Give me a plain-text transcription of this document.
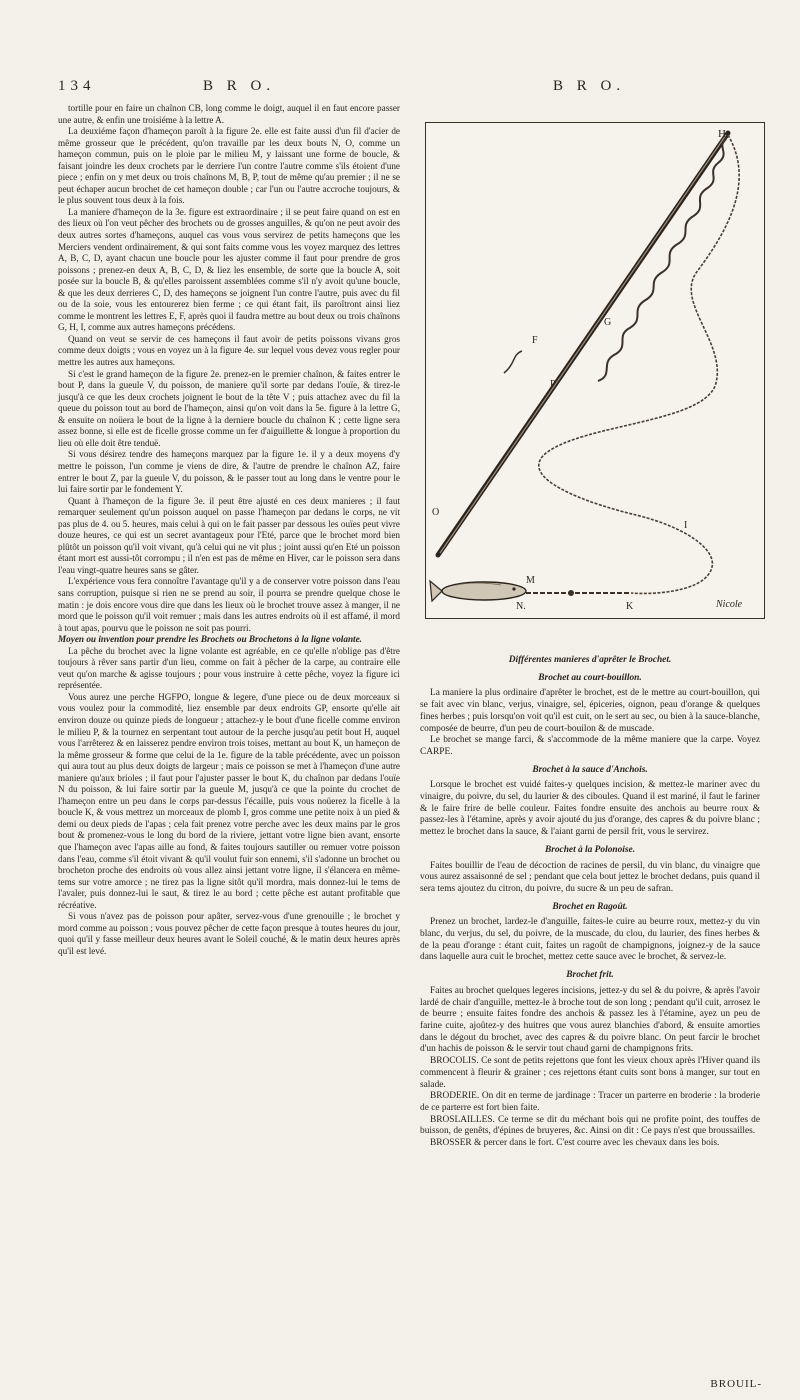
134	B R O.	B R O.

tortille pour en faire un chaînon CB, long comme le doigt, auquel il en faut encore passer une autre, & enfin une troisiéme à la lettre A.

La deuxiéme façon d'hameçon paroît à la figure 2e. elle est faite aussi d'un fil d'acier de même grosseur que le précédent, qu'on travaille par les deux bouts N, O, comme un hameçon commun, puis on le ploie par le milieu M, y laissant une forme de boucle, & faisant joindre les deux crochets par le derriere l'un contre l'autre comme s'ils étoient d'une piece ; enfin on y met deux ou trois chaînons M, B, P, tout de même qu'au premier ; il ne se peut échaper aucun brochet de cet hameçon double ; car l'un ou l'autre accroche toujours, & le plus souvent tous deux à la fois.

La maniere d'hameçon de la 3e. figure est extraordinaire ; il se peut faire quand on est en des lieux où l'on veut pêcher des brochets ou de grosses anguilles, & qu'on ne peut avoir des deux autres sortes d'hameçons, auquel cas vous vous servirez de petits hameçons que les Merciers vendent ordinairement, & qui sont faits comme vous les voyez marquez des lettres A, B, C, D, ayant chacun une boucle pour les ajuster comme il faut pour prendre de gros poissons ; prenez-en deux A, B, C, D, & liez les ensemble, de sorte que la boucle A, soit posée sur la boucle B, & qu'elles paroissent assemblées comme s'il n'y avoit qu'une boucle, & que les deux derrieres C, D, des hameçons se joignent l'un contre l'autre, puis avec du fil ou de la soie, vous les entourerez bien ferme ; ce qui étant fait, ils paroîtront ainsi liez comme le montrent les lettres E, F, après quoi il faudra mettre au bout deux ou trois chaînons G, H, I, comme aux autres hameçons précédens.

Quand on veut se servir de ces hameçons il faut avoir de petits poissons vivans gros comme deux doigts ; vous en voyez un à la figure 4e. sur lequel vous devez vous regler pour mettre les autres aux hameçons.

Si c'est le grand hameçon de la figure 2e. prenez-en le premier chaînon, & faites entrer le bout P, dans la gueule V, du poisson, de maniere qu'il sorte par dedans l'ouïe, & tirez-le jusqu'à ce que les deux crochets joignent le bout de la tête V ; puis attachez avec du fil la queue du poisson tout au bord de l'hameçon, ainsi qu'on voit dans la 5e. figure à la lettre G, & ensuite on noüera le bout de la ligne à la derniere boucle du chaînon K ; cette ligne sera assez bonne, si elle est de ficelle grosse comme un fer d'aiguillette & longue à proportion du lieu où elle doit être tenduë.

Si vous désirez tendre des hameçons marquez par la figure 1e. il y a deux moyens d'y mettre le poisson, l'un comme je viens de dire, & l'autre de prendre le chaînon AZ, faire entrer le bout Z, par la gueule V, du poisson, & le passer tout au long dans le ventre pour le lui faire sortir par le fondement Y.

Quant à l'hameçon de la figure 3e. il peut être ajusté en ces deux manieres ; il faut remarquer seulement qu'un poisson auquel on passe l'hameçon par dedans le corps, ne vit pas plus de 4. ou 5. heures, mais celui à qui on le fait passer par dessous les ouïes peut vivre douze heures, ce qui est un secret avantageux pour l'Eté, parce que le brochet mord bien plûtôt un poisson qu'il voit vivant, qu'à celui qui ne vit plus ; joint aussi qu'en Eté un poisson étant mort est aussi-tôt corrompu ; il n'en est pas de même en Hiver, car le poisson sera dans l'eau vingt-quatre heures sans se gâter.

L'expérience vous fera connoître l'avantage qu'il y a de conserver votre poisson dans l'eau sans corruption, puisque si rien ne se prend au soir, il pourra se prendre quelque chose le matin : je dois encore vous dire que dans les lieux où le brochet trouve assez à manger, il ne mord que le poisson qu'il voit remuer ; mais dans les autres endroits où il est affamé, il mord à tout apas, pourvu que le poisson ne soit pas pourri.

Moyen ou invention pour prendre les Brochets ou Brochetons à la ligne volante.

La pêche du brochet avec la ligne volante est agréable, en ce qu'elle n'oblige pas d'être toujours à rêver sans partir d'un lieu, comme on fait à pêcher de la carpe, au contraire elle veut qu'on marche & agisse toujours ; pour vous instruire à cette pêche, voyez la figure ici représentée.

Vous aurez une perche HGFPO, longue & legere, d'une piece ou de deux morceaux si vous voulez pour la commodité, liez ensemble par deux endroits GP, ensorte qu'elle ait environ douze ou quinze pieds de longueur ; attachez-y le bout d'une ficelle comme environ le milieu P, & la tournez en serpentant tout autour de la perche jusqu'au petit bout H, auquel vous l'arrêterez & en laisserez pendre environ trois toises, mettant au bout K, un hameçon de la même grosseur & forme que celui de la 1e. figure de la table précédente, avec un poisson qui aura tout au plus deux doigts de largeur ; mais ce poisson se met à l'hameçon d'une autre maniere qu'aux brioles ; il faut pour l'ajuster passer le bout K, du chaînon par dedans l'ouïe N du poisson, & lui faire sortir par la gueule M, jusqu'à ce que la pointe du crochet de l'hameçon entre un peu dans le corps par-dessus l'écaille, puis vous noüerez la ficelle à la boucle K, & vous mettrez un morceaux de plomb I, gros comme une petite noix à un pied & demi ou deux pieds de l'apas ; cela fait prenez votre perche avec les deux mains par le gros bout & promenez-vous le long du bord de la riviere, jettant votre ligne bien avant, ensorte que l'hameçon avec l'apas aille au fond, & faites toujours sautiller ou remuer votre poisson dans l'eau, comme s'il étoit vivant & qu'il voulut fuir son ennemi, s'il s'adonne un brochet ou brocheton proche des endroits où vous allez ainsi jettant votre ligne, il s'élancera en même-tems sur votre amorce ; ne tirez pas la ligne sitôt qu'il mordra, mais donnez-lui le tems de l'avaler, puis donnez-lui le saut, & tirez le au bord ; cette pêche est autant profitable que récréative.

Si vous n'avez pas de poisson pour apâter, servez-vous d'une grenouille ; le brochet y mord comme au poisson ; vous pouvez pêcher de cette façon presque à toutes heures du jour, quoi qu'il y fasse meilleur deux heures avant le Soleil couché, & le matin deux heures après qu'il est levé.

H
G
F
P
O
I
M
N.	K	Nicole

Différentes manieres d'aprêter le Brochet.

Brochet au court-bouillon.

La maniere la plus ordinaire d'aprêter le brochet, est de le mettre au court-bouillon, qui se fait avec vin blanc, verjus, vinaigre, sel, épiceries, oignon, peau d'orange & quelques fines herbes ; puis lorsqu'on voit qu'il est cuit, on le sert au sec, ou bien à la sauce-blanche, composée de beurre, d'un peu de court-bouilon & de muscade.

Le brochet se mange farci, & s'accommode de la même maniere que la carpe. Voyez CARPE.

Brochet à la sauce d'Anchois.

Lorsque le brochet est vuidé faites-y quelques incision, & mettez-le mariner avec du vinaigre, du poivre, du sel, du laurier & des ciboules. Quand il est mariné, il faut le fariner & le faire frire de belle couleur. Faites fondre ensuite des anchois au beurre roux & passez-les à l'étamine, après y avoir ajouté du jus d'orange, des capres & du poivre blanc ; mettez le brochet dans la sauce, & l'aiant garni de persil frit, vous le servirez.

Brochet à la Polonoise.

Faites bouillir de l'eau de décoction de racines de persil, du vin blanc, du vinaigre que vous aurez assaisonné de sel ; pendant que cela bout jettez le brochet dedans, puis quand il sera tems ajoutez du citron, du poivre, du sucre & un peu de safran.

Brochet en Ragoût.

Prenez un brochet, lardez-le d'anguille, faites-le cuire au beurre roux, mettez-y du vin blanc, du verjus, du sel, du poivre, de la muscade, du clou, du laurier, des fines herbes & de la peau d'orange : étant cuit, faites un ragoût de champignons, joignez-y de la sauce dans laquelle aura cuit le brochet, mettez cette sauce avec le brochet, & servez-le.

Brochet frit.

Faites au brochet quelques legeres incisions, jettez-y du sel & du poivre, & après l'avoir lardé de chair d'anguille, mettez-le à broche tout de son long ; pendant qu'il cuit, arrosez le de beurre ; ensuite faites fondre des anchois & passez les à l'étamine, ayez un peu de farine cuite, ajoûtez-y des huitres que vous aurez blanchies d'abord, & ensuite amorties dans le dégout du brochet, avec des capres & du poivre blanc. On peut farcir le brochet d'un hachis de poisson & le servir tout chaud garni de champignons frits.

BROCOLIS. Ce sont de petits rejettons que font les vieux choux après l'Hiver quand ils commencent à fleurir & grainer ; ces rejettons étant cuits sont bons à manger, sur tout en salade.

BRODERIE. On dit en terme de jardinage : Tracer un parterre en broderie : la broderie de ce parterre est fort bien faite.

BROSLAILLES. Ce terme se dit du méchant bois qui ne profite point, des touffes de buisson, de genêts, d'épines de bruyeres, &c. Ainsi on dit : Ce pays n'est que broussailles.

BROSSER & percer dans le fort. C'est courre avec les chevaux dans les bois.

BROUIL-
